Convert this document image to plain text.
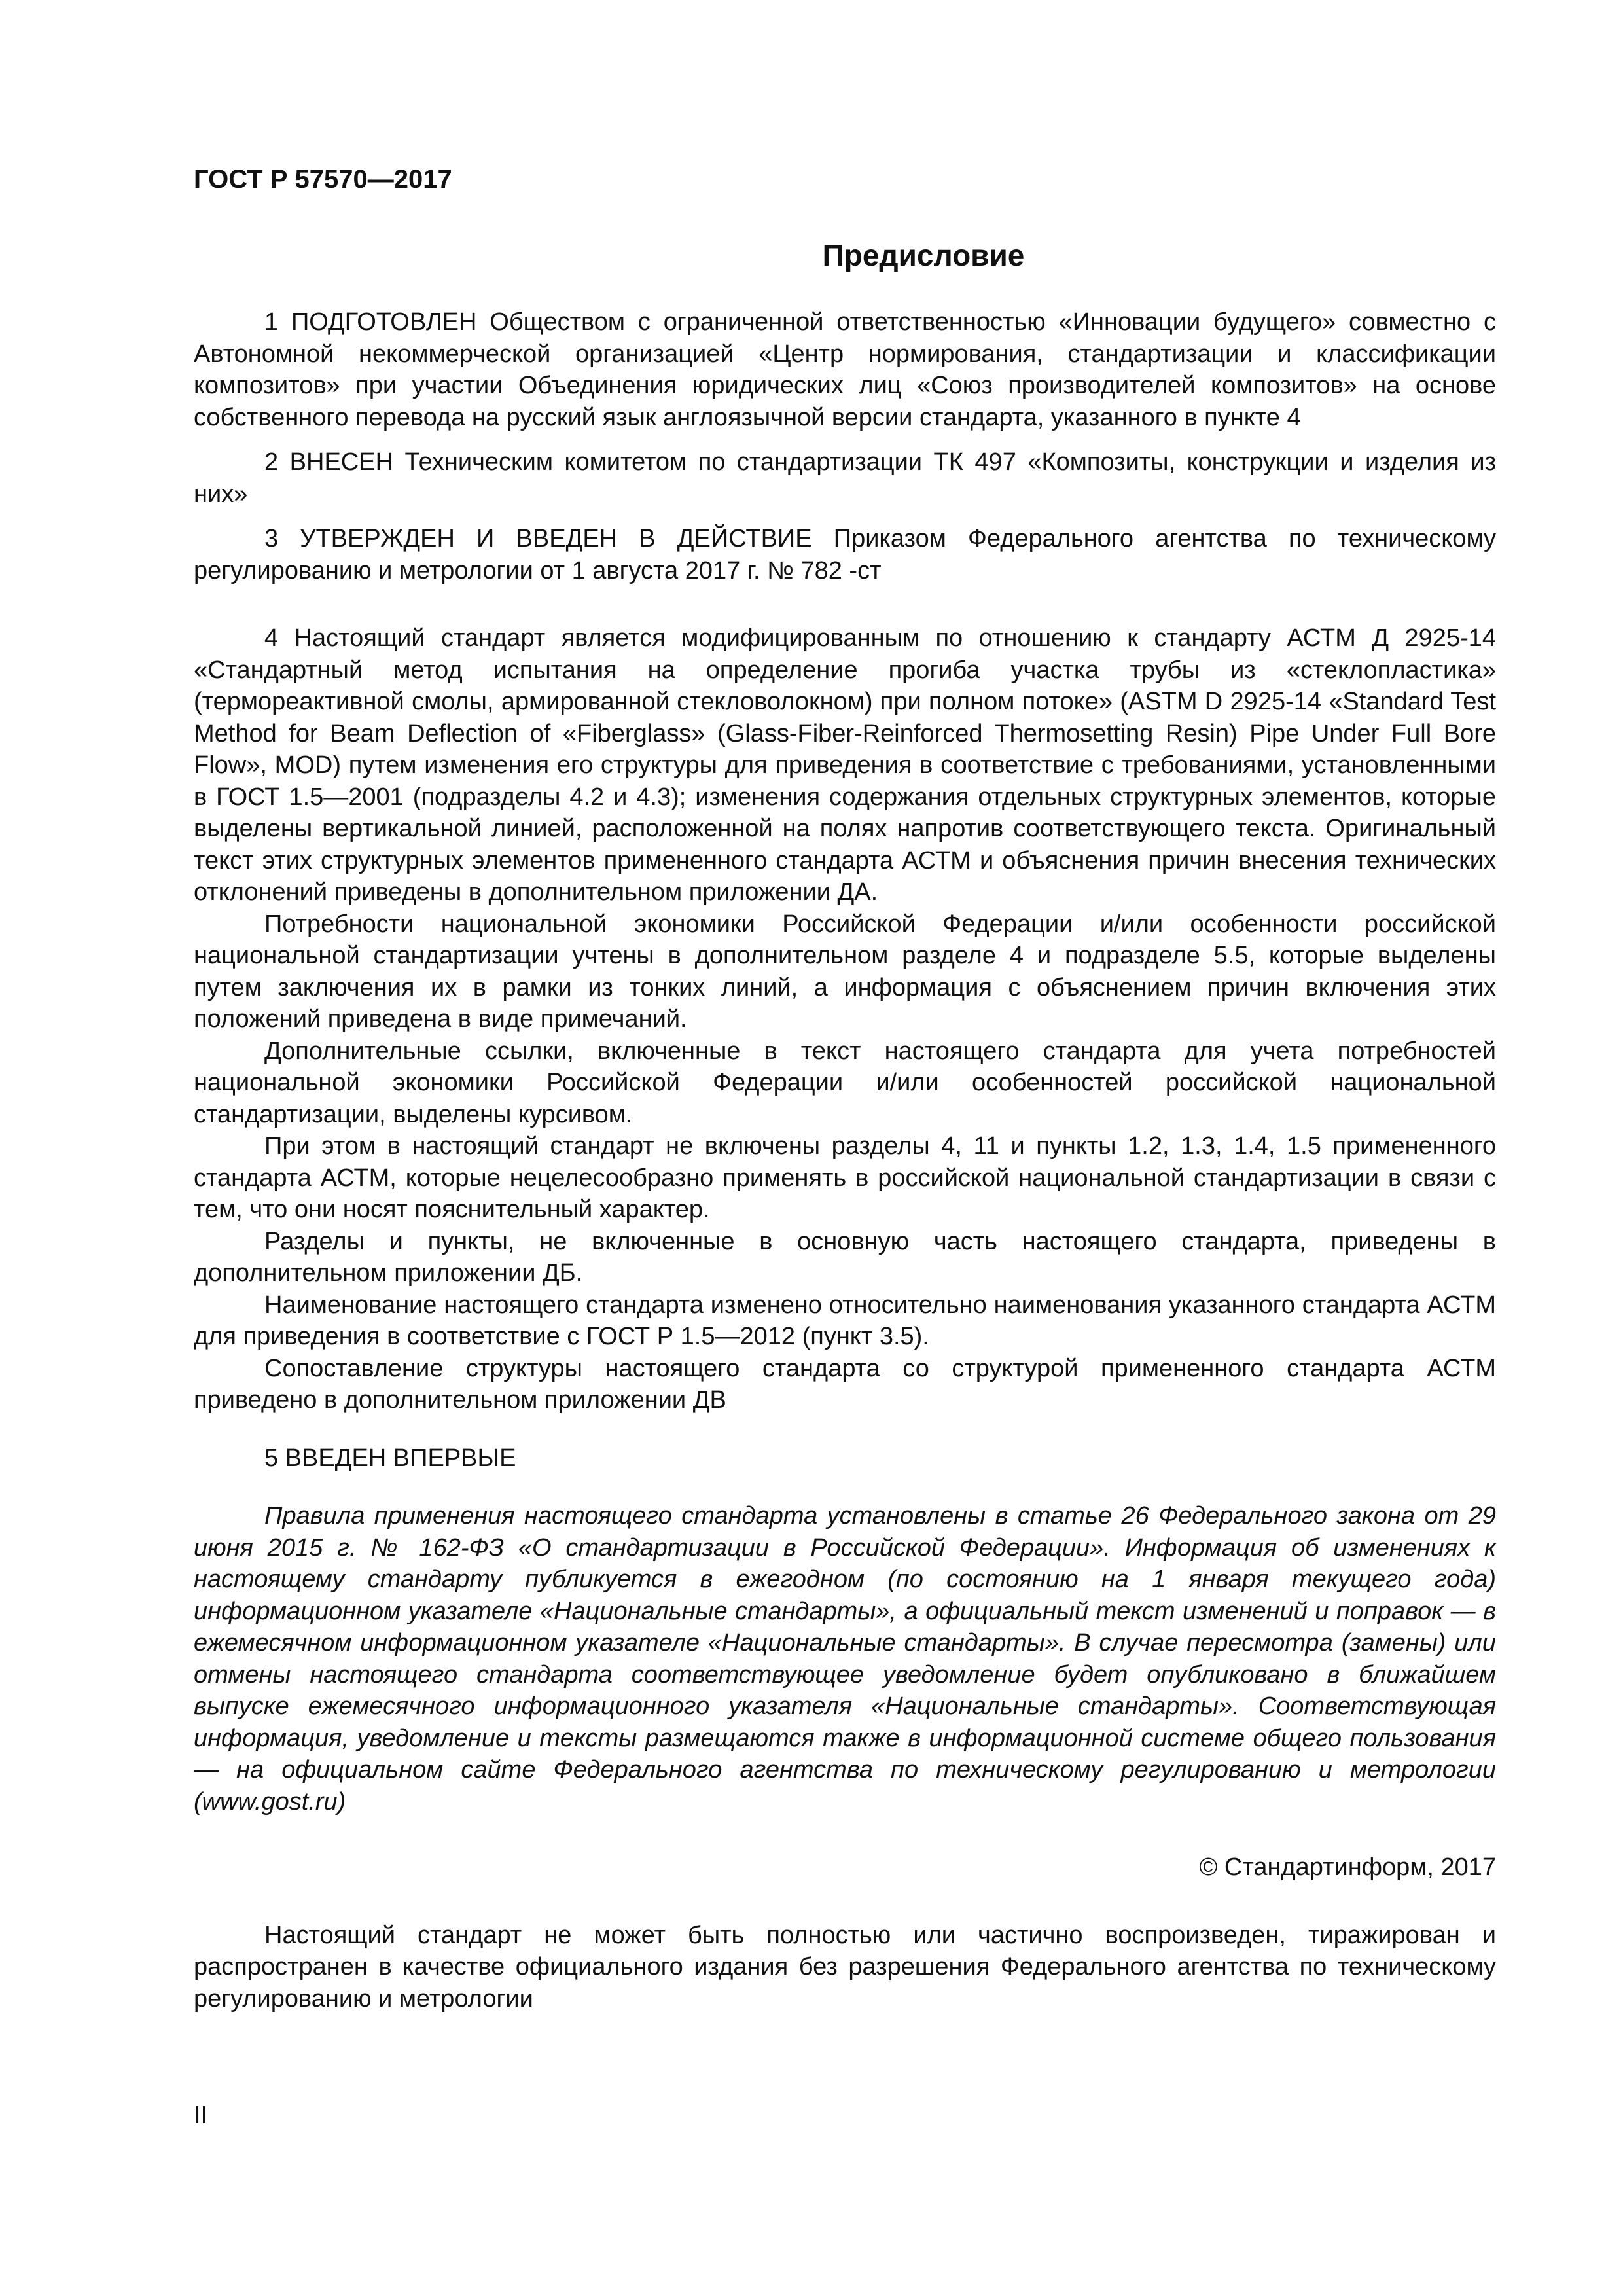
ГОСТ Р 57570—2017
Предисловие

1 ПОДГОТОВЛЕН Обществом с ограниченной ответственностью «Инновации будущего» совместно с Автономной некоммерческой организацией «Центр нормирования, стандартизации и классификации композитов» при участии Объединения юридических лиц «Союз производителей композитов» на основе собственного перевода на русский язык англоязычной версии стандарта, указанного в пункте 4

2 ВНЕСЕН Техническим комитетом по стандартизации ТК 497 «Композиты, конструкции и изделия из них»

3 УТВЕРЖДЕН И ВВЕДЕН В ДЕЙСТВИЕ Приказом Федерального агентства по техническому регулированию и метрологии от 1 августа 2017 г. № 782 -ст

4 Настоящий стандарт является модифицированным по отношению к стандарту АСТМ Д 2925-14 «Стандартный метод испытания на определение прогиба участка трубы из «стеклопластика» (термореактивной смолы, армированной стекловолокном) при полном потоке» (ASTM D 2925-14 «Standard Test Method for Beam Deflection of «Fiberglass» (Glass-Fiber-Reinforced Thermosetting Resin) Pipe Under Full Bore Flow», MOD) путем изменения его структуры для приведения в соответствие с требованиями, установленными в ГОСТ 1.5—2001 (подразделы 4.2 и 4.3); изменения содержания отдельных структурных элементов, которые выделены вертикальной линией, расположенной на полях напротив соответствующего текста. Оригинальный текст этих структурных элементов примененного стандарта АСТМ и объяснения причин внесения технических отклонений приведены в дополнительном приложении ДА.

Потребности национальной экономики Российской Федерации и/или особенности российской национальной стандартизации учтены в дополнительном разделе 4 и подразделе 5.5, которые выделены путем заключения их в рамки из тонких линий, а информация с объяснением причин включения этих положений приведена в виде примечаний.

Дополнительные ссылки, включенные в текст настоящего стандарта для учета потребностей национальной экономики Российской Федерации и/или особенностей российской национальной стандартизации, выделены курсивом.

При этом в настоящий стандарт не включены разделы 4, 11 и пункты 1.2, 1.3, 1.4, 1.5 примененного стандарта АСТМ, которые нецелесообразно применять в российской национальной стандартизации в связи с тем, что они носят пояснительный характер.

Разделы и пункты, не включенные в основную часть настоящего стандарта, приведены в дополнительном приложении ДБ.

Наименование настоящего стандарта изменено относительно наименования указанного стандарта АСТМ для приведения в соответствие с ГОСТ Р 1.5—2012 (пункт 3.5).

Сопоставление структуры настоящего стандарта со структурой примененного стандарта АСТМ приведено в дополнительном приложении ДВ

5 ВВЕДЕН ВПЕРВЫЕ

Правила применения настоящего стандарта установлены в статье 26 Федерального закона от 29 июня 2015 г. № 162-ФЗ «О стандартизации в Российской Федерации». Информация об изменениях к настоящему стандарту публикуется в ежегодном (по состоянию на 1 января текущего года) информационном указателе «Национальные стандарты», а официальный текст изменений и поправок — в ежемесячном информационном указателе «Национальные стандарты». В случае пересмотра (замены) или отмены настоящего стандарта соответствующее уведомление будет опубликовано в ближайшем выпуске ежемесячного информационного указателя «Национальные стандарты». Соответствующая информация, уведомление и тексты размещаются также в информационной системе общего пользования — на официальном сайте Федерального агентства по техническому регулированию и метрологии (www.gost.ru)

© Стандартинформ, 2017

Настоящий стандарт не может быть полностью или частично воспроизведен, тиражирован и распространен в качестве официального издания без разрешения Федерального агентства по техническому регулированию и метрологии

II
